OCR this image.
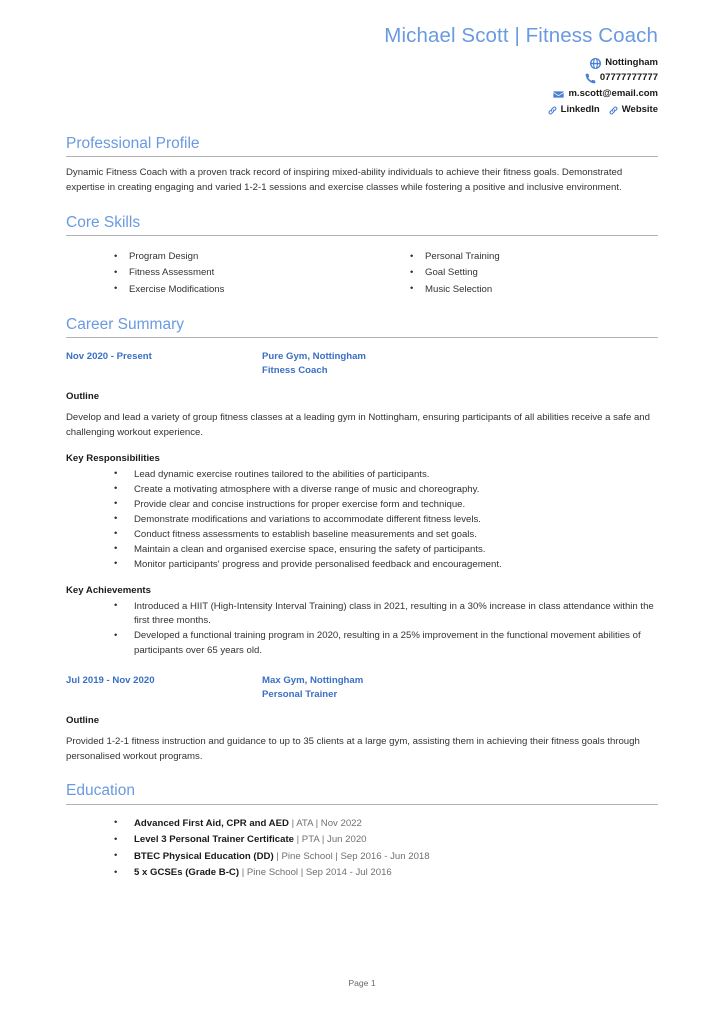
Michael Scott | Fitness Coach
Nottingham
07777777777
m.scott@email.com
LinkedIn Website
Professional Profile

Dynamic Fitness Coach with a proven track record of inspiring mixed-ability individuals to achieve their fitness goals. Demonstrated expertise in creating engaging and varied 1-2-1 sessions and exercise classes while fostering a positive and inclusive environment.

Core Skills
• Program Design
• Fitness Assessment
• Exercise Modifications
• Personal Training
• Goal Setting
• Music Selection
Career Summary
Nov 2020 - Present	Pure Gym, Nottingham
Fitness Coach
Outline

Develop and lead a variety of group fitness classes at a leading gym in Nottingham, ensuring participants of all abilities receive a safe and challenging workout experience.

Key Responsibilities
• Lead dynamic exercise routines tailored to the abilities of participants.
• Create a motivating atmosphere with a diverse range of music and choreography.
• Provide clear and concise instructions for proper exercise form and technique.
• Demonstrate modifications and variations to accommodate different fitness levels.
• Conduct fitness assessments to establish baseline measurements and set goals.
• Maintain a clean and organised exercise space, ensuring the safety of participants.
• Monitor participants' progress and provide personalised feedback and encouragement.
Key Achievements
• Introduced a HIIT (High-Intensity Interval Training) class in 2021, resulting in a 30% increase in class attendance within the first three months.
• Developed a functional training program in 2020, resulting in a 25% improvement in the functional movement abilities of participants over 65 years old.
Jul 2019 - Nov 2020	Max Gym, Nottingham
Personal Trainer
Outline

Provided 1-2-1 fitness instruction and guidance to up to 35 clients at a large gym, assisting them in achieving their fitness goals through personalised workout programs.

Education
• Advanced First Aid, CPR and AED | ATA | Nov 2022
• Level 3 Personal Trainer Certificate | PTA | Jun 2020
• BTEC Physical Education (DD) | Pine School | Sep 2016 - Jun 2018
• 5 x GCSEs (Grade B-C) | Pine School | Sep 2014 - Jul 2016
Page 1
